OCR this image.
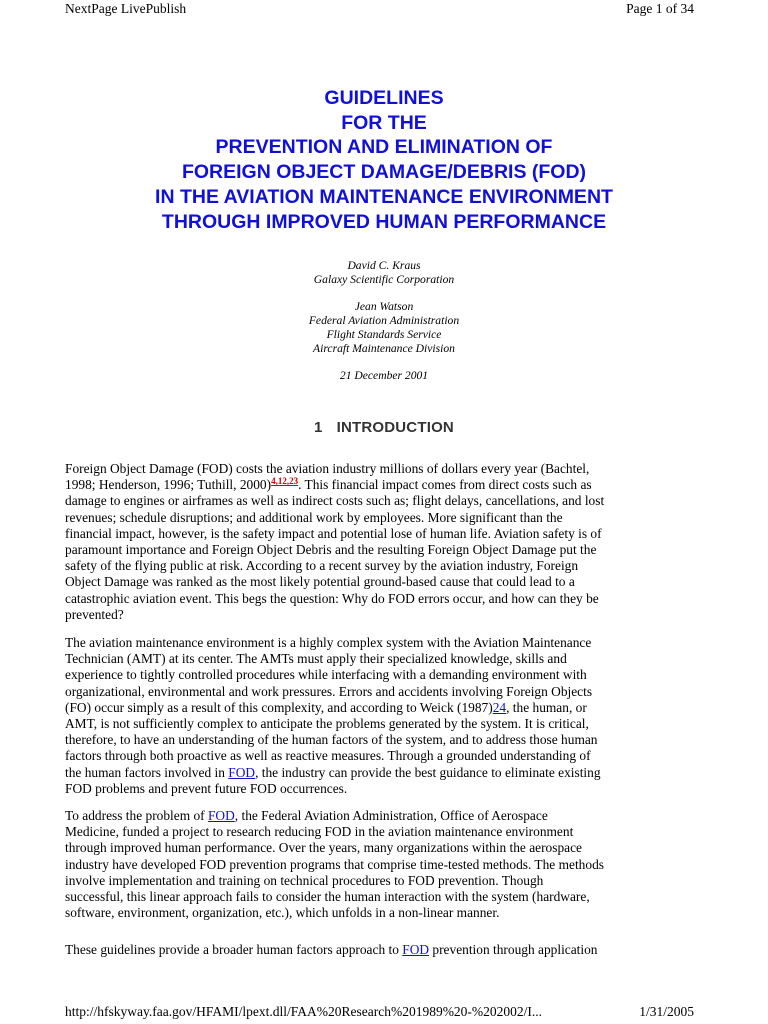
NextPage LivePublish	Page 1 of 34
GUIDELINES
FOR THE
PREVENTION AND ELIMINATION OF
FOREIGN OBJECT DAMAGE/DEBRIS (FOD)
IN THE AVIATION MAINTENANCE ENVIRONMENT
THROUGH IMPROVED HUMAN PERFORMANCE
David C. Kraus
Galaxy Scientific Corporation
Jean Watson
Federal Aviation Administration
Flight Standards Service
Aircraft Maintenance Division
21 December 2001
1 INTRODUCTION
Foreign Object Damage (FOD) costs the aviation industry millions of dollars every year (Bachtel,
1998; Henderson, 1996; Tuthill, 2000)$^{4,12,23}$. This financial impact comes from direct costs such as
damage to engines or airframes as well as indirect costs such as; flight delays, cancellations, and lost
revenues; schedule disruptions; and additional work by employees. More significant than the
financial impact, however, is the safety impact and potential lose of human life. Aviation safety is of
paramount importance and Foreign Object Debris and the resulting Foreign Object Damage put the
safety of the flying public at risk. According to a recent survey by the aviation industry, Foreign
Object Damage was ranked as the most likely potential ground-based cause that could lead to a
catastrophic aviation event. This begs the question: Why do FOD errors occur, and how can they be
prevented?
The aviation maintenance environment is a highly complex system with the Aviation Maintenance
Technician (AMT) at its center. The AMTs must apply their specialized knowledge, skills and
experience to tightly controlled procedures while interfacing with a demanding environment with
organizational, environmental and work pressures. Errors and accidents involving Foreign Objects
(FO) occur simply as a result of this complexity, and according to Weick (1987)24, the human, or
AMT, is not sufficiently complex to anticipate the problems generated by the system. It is critical,
therefore, to have an understanding of the human factors of the system, and to address those human
factors through both proactive as well as reactive measures. Through a grounded understanding of
the human factors involved in FOD, the industry can provide the best guidance to eliminate existing
FOD problems and prevent future FOD occurrences.
To address the problem of FOD, the Federal Aviation Administration, Office of Aerospace
Medicine, funded a project to research reducing FOD in the aviation maintenance environment
through improved human performance. Over the years, many organizations within the aerospace
industry have developed FOD prevention programs that comprise time-tested methods. The methods
involve implementation and training on technical procedures to FOD prevention. Though
successful, this linear approach fails to consider the human interaction with the system (hardware,
software, environment, organization, etc.), which unfolds in a non-linear manner.
These guidelines provide a broader human factors approach to FOD prevention through application
http://hfskyway.faa.gov/HFAMI/lpext.dll/FAA%20Research%201989%20-%202002/I...	1/31/2005
